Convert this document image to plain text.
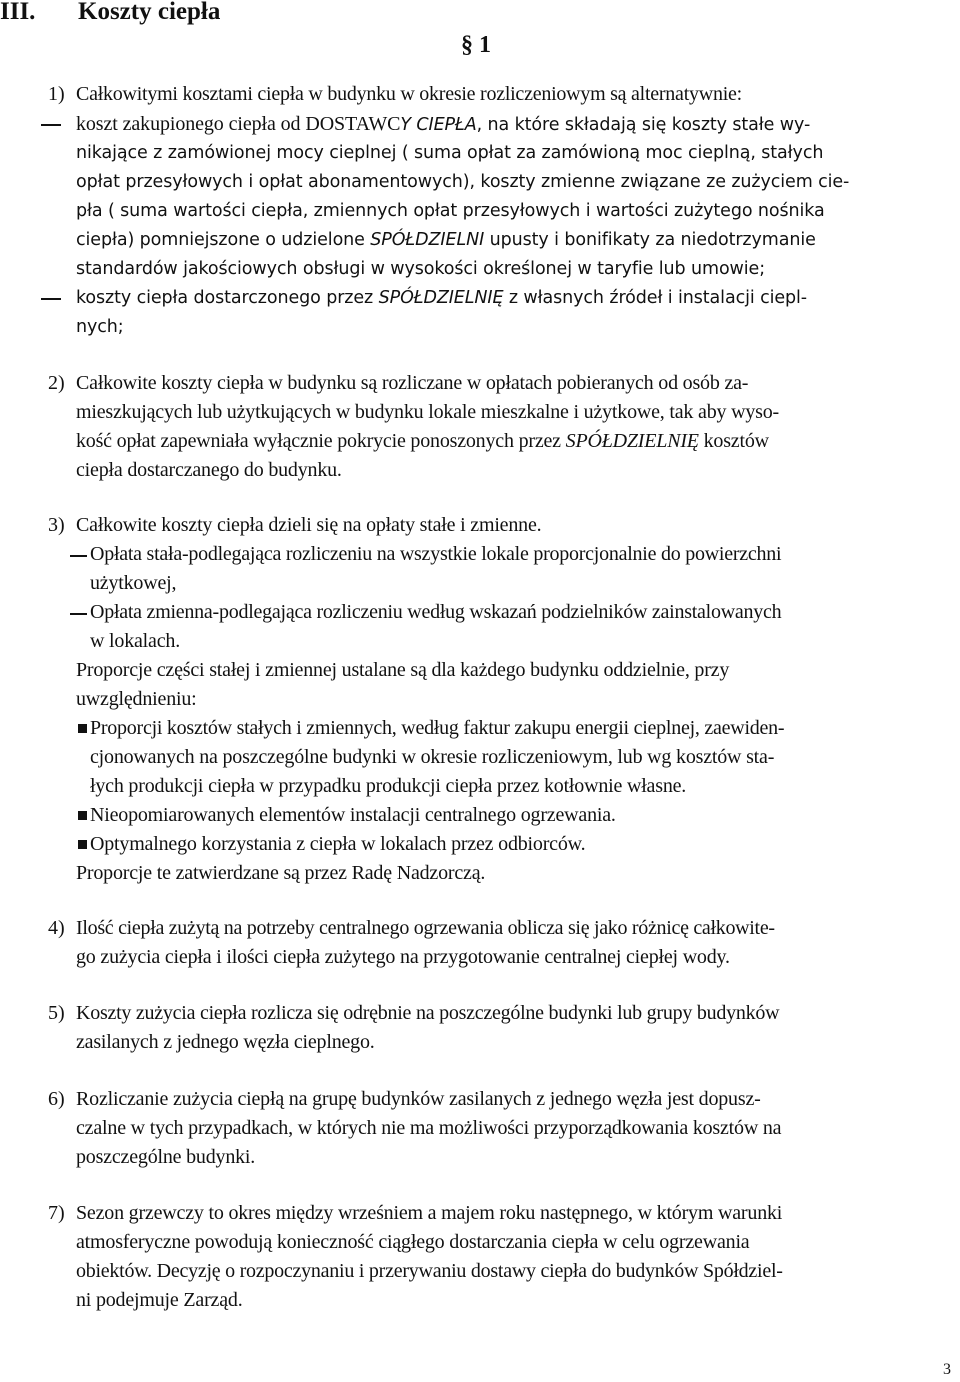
III. Koszty ciepła
§ 1
1) Całkowitymi kosztami ciepła w budynku w okresie rozliczeniowym są alternatywnie:
koszt zakupionego ciepła od DOSTAWCY CIEPŁA, na które składają się koszty stałe wy-
nikające z zamówionej mocy cieplnej ( suma opłat za zamówioną moc cieplną, stałych
opłat przesyłowych i opłat abonamentowych), koszty zmienne związane ze zużyciem cie-
pła ( suma wartości ciepła, zmiennych opłat przesyłowych i wartości zużytego nośnika
ciepła) pomniejszone o udzielone SPÓŁDZIELNI upusty i bonifikaty za niedotrzymanie
standardów jakościowych obsługi w wysokości określonej w taryfie lub umowie;
koszty ciepła dostarczonego przez SPÓŁDZIELNIĘ z własnych źródeł i instalacji ciepl-
nych;
2) Całkowite koszty ciepła w budynku są rozliczane w opłatach pobieranych od osób za-
mieszkujących lub użytkujących w budynku lokale mieszkalne i użytkowe, tak aby wyso-
kość opłat zapewniała wyłącznie pokrycie ponoszonych przez SPÓŁDZIELNIĘ kosztów
ciepła dostarczanego do budynku.
3) Całkowite koszty ciepła dzieli się na opłaty stałe i zmienne.
Opłata stała-podlegająca rozliczeniu na wszystkie lokale proporcjonalnie do powierzchni
użytkowej,
Opłata zmienna-podlegająca rozliczeniu według wskazań podzielników zainstalowanych
w lokalach.
Proporcje części stałej i zmiennej ustalane są dla każdego budynku oddzielnie, przy
uwzględnieniu:
Proporcji kosztów stałych i zmiennych, według faktur zakupu energii cieplnej, zaewiden-
cjonowanych na poszczególne budynki w okresie rozliczeniowym, lub wg kosztów sta-
łych produkcji ciepła w przypadku produkcji ciepła przez kotłownie własne.
Nieopomiarowanych elementów instalacji centralnego ogrzewania.
Optymalnego korzystania z ciepła w lokalach przez odbiorców.
Proporcje te zatwierdzane są przez Radę Nadzorczą.
4) Ilość ciepła zużytą na potrzeby centralnego ogrzewania oblicza się jako różnicę całkowite-
go zużycia ciepła i ilości ciepła zużytego na przygotowanie centralnej ciepłej wody.
5) Koszty zużycia ciepła rozlicza się odrębnie na poszczególne budynki lub grupy budynków
zasilanych z jednego węzła cieplnego.
6) Rozliczanie zużycia ciepłą na grupę budynków zasilanych z jednego węzła jest dopusz-
czalne w tych przypadkach, w których nie ma możliwości przyporządkowania kosztów na
poszczególne budynki.
7) Sezon grzewczy to okres między wrześniem a majem roku następnego, w którym warunki
atmosferyczne powodują konieczność ciągłego dostarczania ciepła w celu ogrzewania
obiektów. Decyzję o rozpoczynaniu i przerywaniu dostawy ciepła do budynków Spółdziel-
ni podejmuje Zarząd.
3
